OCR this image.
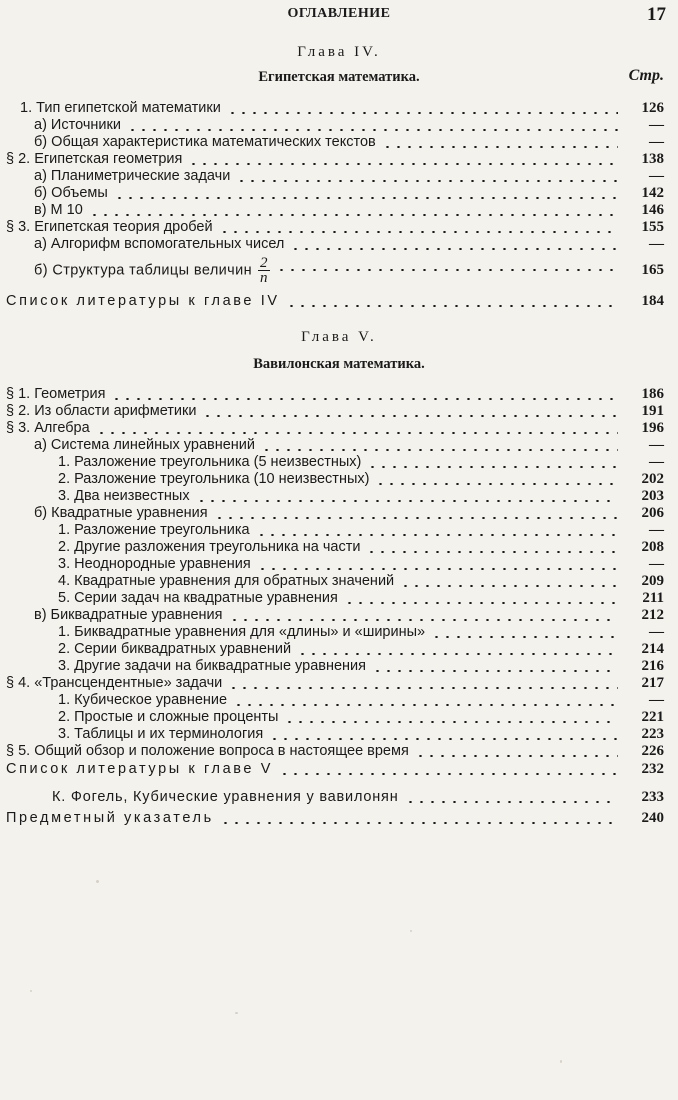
ОГЛАВЛЕНИЕ	17
Глава IV.
Египетская математика.	Стр.
1. Тип египетской математики	126
а) Источники	—
б) Общая характеристика математических текстов	—
§ 2. Египетская геометрия	138
а) Планиметрические задачи	—
б) Объемы	142
в) М 10	146
§ 3. Египетская теория дробей	155
а) Алгорифм вспомогательных чисел	—
б) Структура таблицы величин $\frac{2}{n}$	165
Список литературы к главе IV	184
Глава V.
Вавилонская математика.
§ 1. Геометрия	186
§ 2. Из области арифметики	191
§ 3. Алгебра	196
а) Система линейных уравнений	—
1. Разложение треугольника (5 неизвестных)	—
2. Разложение треугольника (10 неизвестных)	202
3. Два неизвестных	203
б) Квадратные уравнения	206
1. Разложение треугольника	—
2. Другие разложения треугольника на части	208
3. Неоднородные уравнения	—
4. Квадратные уравнения для обратных значений	209
5. Серии задач на квадратные уравнения	211
в) Биквадратные уравнения	212
1. Биквадратные уравнения для «длины» и «ширины»	—
2. Серии биквадратных уравнений	214
3. Другие задачи на биквадратные уравнения	216
§ 4. «Трансцендентные» задачи	217
1. Кубическое уравнение	—
2. Простые и сложные проценты	221
3. Таблицы и их терминология	223
§ 5. Общий обзор и положение вопроса в настоящее время	226
Список литературы к главе V	232
К. Фогель, Кубические уравнения у вавилонян	233
Предметный указатель	240
